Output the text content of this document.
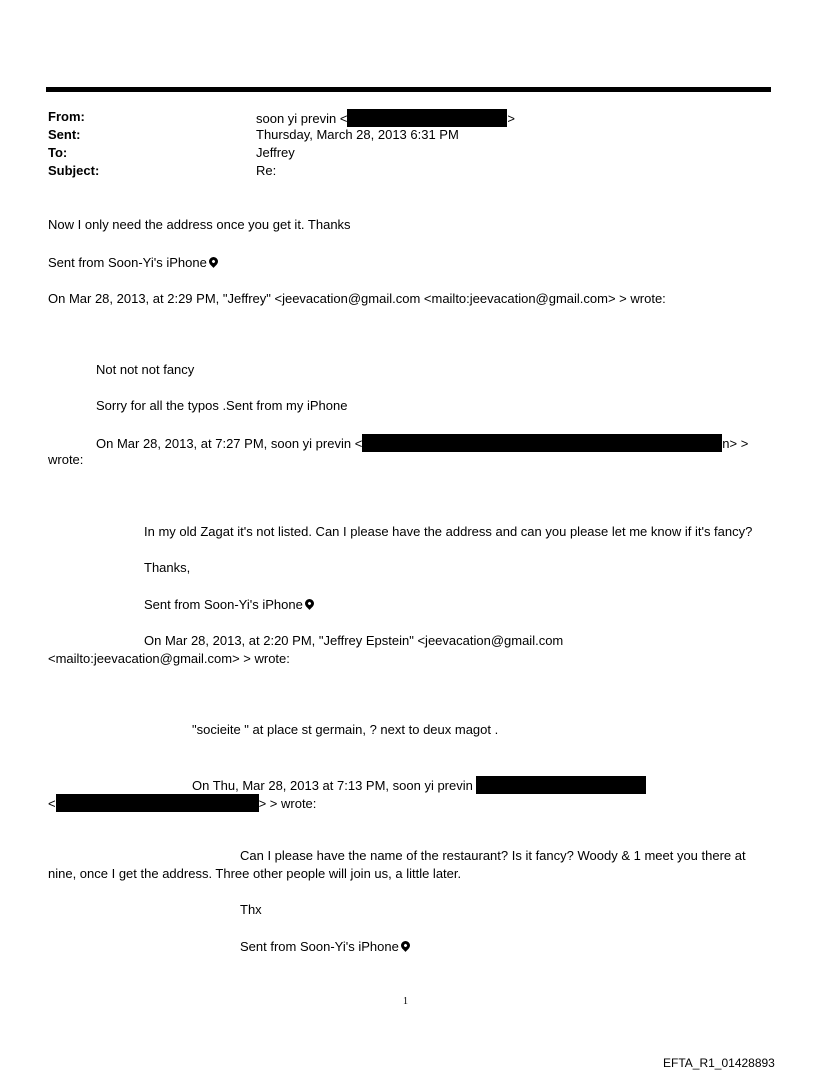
From:	soon yi previn <	>
Sent:	Thursday, March 28, 2013 6:31 PM
To:	Jeffrey
Subject:	Re:
Now I only need the address once you get it. Thanks
Sent from Soon-Yi's iPhone
On Mar 28, 2013, at 2:29 PM, "Jeffrey" <jeevacation@gmail.com <mailto:jeevacation@gmail.com> > wrote:
Not not not fancy
Sorry for all the typos .Sent from my iPhone
On Mar 28, 2013, at 7:27 PM, soon yi previn <	n> >
wrote:
In my old Zagat it's not listed. Can I please have the address and can you please let me know if it's fancy?
Thanks,
Sent from Soon-Yi's iPhone
On Mar 28, 2013, at 2:20 PM, "Jeffrey Epstein" <jeevacation@gmail.com
<mailto:jeevacation@gmail.com> > wrote:
"socieite " at place st germain, ? next to deux magot .
On Thu, Mar 28, 2013 at 7:13 PM, soon yi previn
<	> > wrote:
Can I please have the name of the restaurant? Is it fancy? Woody & 1 meet you there at
nine, once I get the address. Three other people will join us, a little later.
Thx
Sent from Soon-Yi's iPhone
1
EFTA_R1_01428893
